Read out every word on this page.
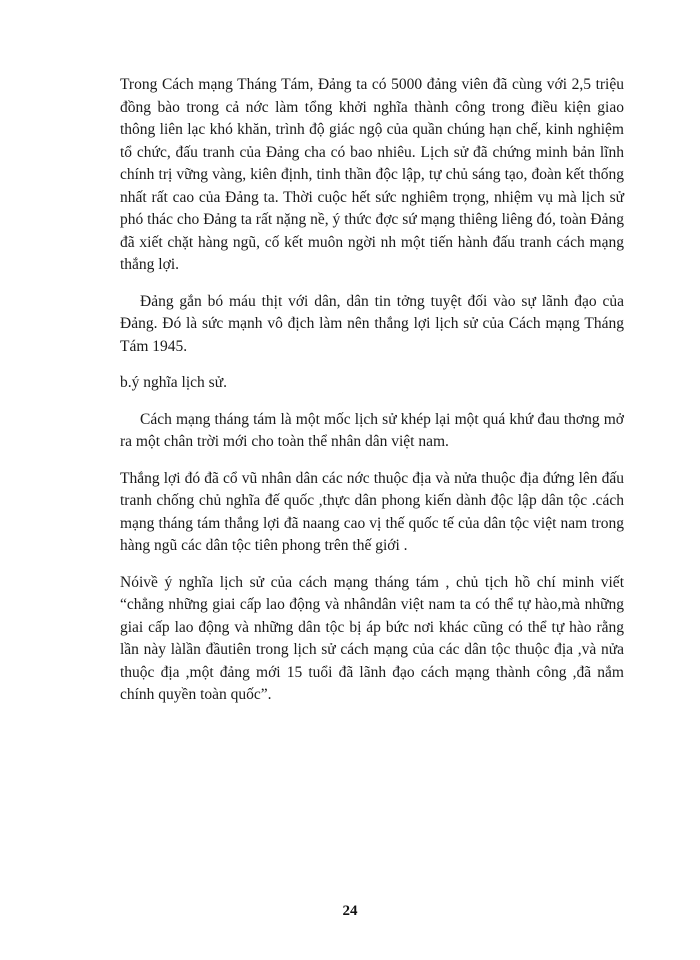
Trong Cách mạng Tháng Tám, Đảng ta có 5000 đảng viên đã cùng với 2,5 triệu đồng bào trong cả nớc làm tổng khởi nghĩa thành công trong điều kiện giao thông liên lạc khó khăn, trình độ giác ngộ của quần chúng hạn chế, kinh nghiệm tổ chức, đấu tranh của Đảng cha có bao nhiêu. Lịch sử đã chứng minh bản lĩnh chính trị vững vàng, kiên định, tinh thần độc lập, tự chủ sáng tạo, đoàn kết thống nhất rất cao của Đảng ta. Thời cuộc hết sức nghiêm trọng, nhiệm vụ mà lịch sử phó thác cho Đảng ta rất nặng nề, ý thức đợc sứ mạng thiêng liêng đó, toàn Đảng đã xiết chặt hàng ngũ, cố kết muôn ngời nh một tiến hành đấu tranh cách mạng thắng lợi.

Đảng gắn bó máu thịt với dân, dân tin tởng tuyệt đối vào sự lãnh đạo của Đảng. Đó là sức mạnh vô địch làm nên thắng lợi lịch sử của Cách mạng Tháng Tám 1945.

b.ý nghĩa lịch sử.

Cách mạng tháng tám là một mốc lịch sử khép lại một quá khứ đau thơng mở ra một chân trời mới cho toàn thể nhân dân việt nam.

Thắng lợi đó đã cổ vũ nhân dân các nớc thuộc địa và nửa thuộc địa đứng lên đấu tranh chống chủ nghĩa đế quốc ,thực dân phong kiến dành độc lập dân tộc .cách mạng tháng tám thắng lợi đã naang cao vị thế quốc tế của dân tộc việt nam trong hàng ngũ các dân tộc tiên phong trên thế giới .

Nóivề ý nghĩa lịch sử của cách mạng tháng tám , chủ tịch hồ chí minh viết “chẳng những giai cấp lao động và nhândân việt nam ta có thể tự hào,mà những giai cấp lao động và những dân tộc bị áp bức nơi khác cũng có thể tự hào rằng lần này làlần đầutiên trong lịch sử cách mạng của các dân tộc thuộc địa ,và nửa thuộc địa ,một đảng mới 15 tuổi đã lãnh đạo cách mạng thành công ,đã nắm chính quyền toàn quốc”.

24
